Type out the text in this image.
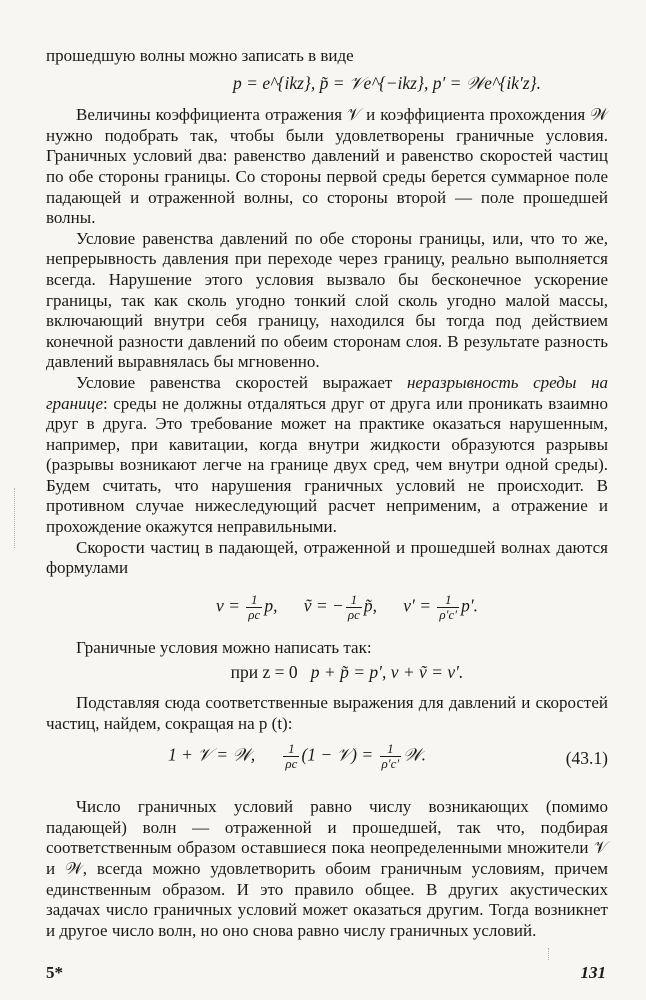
прошедшую волны можно записать в виде

p = e^{ikz}, p̃ = 𝒱e^{−ikz}, p′ = 𝒲e^{ik′z}.

Величины коэффициента отражения 𝒱 и коэффициента прохождения 𝒲 нужно подобрать так, чтобы были удовлетворены граничные условия. Граничных условий два: равенство давлений и равенство скоростей частиц по обе стороны границы. Со стороны первой среды берется суммарное поле падающей и отраженной волны, со стороны второй — поле прошедшей волны.

Условие равенства давлений по обе стороны границы, или, что то же, непрерывность давления при переходе через границу, реально выполняется всегда. Нарушение этого условия вызвало бы бесконечное ускорение границы, так как сколь угодно тонкий слой сколь угодно малой массы, включающий внутри себя границу, находился бы тогда под действием конечной разности давлений по обеим сторонам слоя. В результате разность давлений выравнялась бы мгновенно.

Условие равенства скоростей выражает неразрывность среды на границе: среды не должны отдаляться друг от друга или проникать взаимно друг в друга. Это требование может на практике оказаться нарушенным, например, при кавитации, когда внутри жидкости образуются разрывы (разрывы возникают легче на границе двух сред, чем внутри одной среды). Будем считать, что нарушения граничных условий не происходит. В противном случае нижеследующий расчет неприменим, а отражение и прохождение окажутся неправильными.

Скорости частиц в падающей, отраженной и прошедшей волнах даются формулами

$v = \frac{1}{\rho c} p$, ṽ = − $\frac{1}{\rho c}$ p̃, $v' = \frac{1}{\rho'c'} p'$.

Граничные условия можно написать так:

при z = 0 p + p̃ = p′, v + ṽ = v′.

Подставляя сюда соответственные выражения для давлений и скоростей частиц, найдем, сокращая на p (t):

1 + 𝒱 = 𝒲, $\frac{1}{\rho c} (1$ − 𝒱) = $\frac{1}{\rho'c'}$ 𝒲.	(43.1)

Число граничных условий равно числу возникающих (помимо падающей) волн — отраженной и прошедшей, так что, подбирая соответственным образом оставшиеся пока неопределенными множители 𝒱 и 𝒲, всегда можно удовлетворить обоим граничным условиям, причем единственным образом. И это правило общее. В других акустических задачах число граничных условий может оказаться другим. Тогда возникнет и другое число волн, но оно снова равно числу граничных условий.

5*	131
